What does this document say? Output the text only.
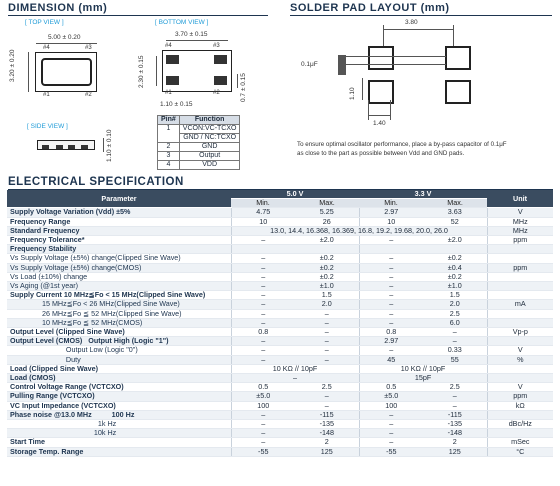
DIMENSION (mm)	SOLDER PAD LAYOUT (mm)
[ TOP VIEW ]
5.00 ± 0.20
#4	#3
#1	#2
3.20 ± 0.20
[ BOTTOM VIEW ]
3.70 ± 0.15
#4	#3
#1	#2
2.30 ± 0.15	0.7 ± 0.15
1.10 ± 0.15
[ SIDE VIEW ]
1.10 ± 0.10
Pin#	Function
1	VCON:VC-TCXO
	GND / NC:TCXO
2	GND
3	Output
4	VDD
3.80
0.1μF
1.10
1.40
To ensure optimal oscillator performance, place a by-pass capacitor of 0.1μF
as close to the part as possible between Vdd and GND pads.
ELECTRICAL SPECIFICATION
Parameter	5.0 V		3.3 V		Unit
	Min.	Max.	Min.	Max.	
Supply Voltage Variation (Vdd) ±5%	4.75	5.25	2.97	3.63	V
Frequency Range	10	26	10	52	MHz
Standard Frequency	13.0, 14.4, 16.368, 16.369, 16.8, 19.2, 19.68, 20.0, 26.0				MHz
Frequency Tolerance*	–	±2.0	–	±2.0	ppm
Frequency Stability					
Vs Supply Voltage (±5%) change(Clipped Sine Wave)	–	±0.2	–	±0.2	
Vs Supply Voltage (±5%) change(CMOS)	–	±0.2	–	±0.4	ppm
Vs Load (±10%) change	–	±0.2	–	±0.2	
Vs Aging (@1st year)	–	±1.0	–	±1.0	
Supply Current 10 MHz≦Fo < 15 MHz(Clipped Sine Wave)	–	1.5	–	1.5	
15 MHz≦Fo < 26 MHz(Clipped Sine Wave)	–	2.0	–	2.0	mA
26 MHz≦Fo ≦ 52 MHz(Clipped Sine Wave)	–	–	–	2.5	
10 MHz≦Fo ≦ 52 MHz(CMOS)	–	–	–	6.0	
Output Level (Clipped Sine Wave)	0.8	–	0.8	–	Vp-p
Output Level (CMOS)   Output High (Logic "1")	–	–	2.97	–	
Output Low (Logic "0")	–	–	–	0.33	V
Duty	–	–	45	55	%
Load (Clipped Sine Wave)	10 KΩ // 10pF		10 KΩ // 10pF		
Load (CMOS)	–		15pF		
Control Voltage Range (VCTCXO)	0.5	2.5	0.5	2.5	V
Pulling Range (VCTCXO)	±5.0	–	±5.0	–	ppm
VC Input Impedance (VCTCXO)	100	–	100	–	kΩ
Phase noise @13.0 MHz          100 Hz	–	-115	–	-115	
1k Hz	–	-135	–	-135	dBc/Hz
10k Hz	–	-148	–	-148	
Start Time	–	2	–	2	mSec
Storage Temp. Range	-55	125	-55	125	°C
